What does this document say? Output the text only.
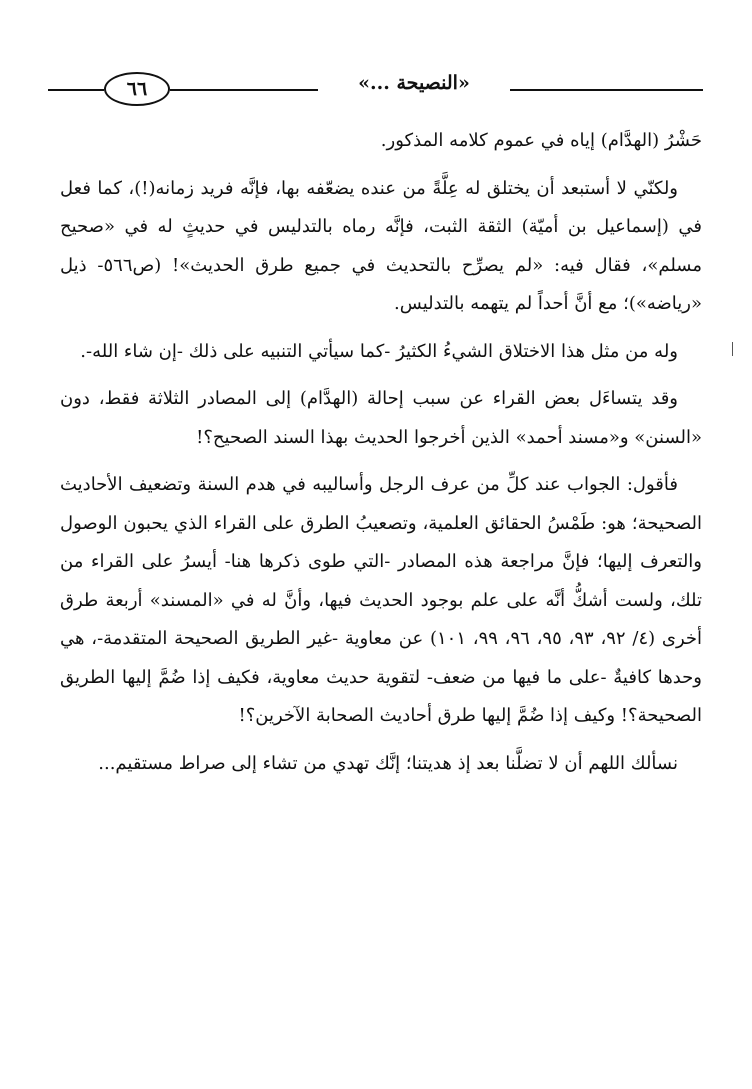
٦٦	«النصيحة ...»

حَشْرُ (الهدَّام) إياه في عموم كلامه المذكور.

ولكنّي لا أستبعد أن يختلق له عِلَّةً من عنده يضعّفه بها، فإنَّه فريد زمانه(!)، كما فعل في (إسماعيل بن أميّة) الثقة الثبت، فإنَّه رماه بالتدليس في حديثٍ له في «صحيح مسلم»، فقال فيه: «لم يصرِّح بالتحديث في جميع طرق الحديث»! (ص٥٦٦- ذيل «رياضه»)؛ مع أنَّ أحداً لم يتهمه بالتدليس.

وله من مثل هذا الاختلاق الشيءُ الكثيرُ -كما سيأتي التنبيه على ذلك -إن شاء الله-.

وقد يتساءَل بعض القراء عن سبب إحالة (الهدَّام) إلى المصادر الثلاثة فقط، دون «السنن» و«مسند أحمد» الذين أخرجوا الحديث بهذا السند الصحيح؟!

فأقول: الجواب عند كلِّ من عرف الرجل وأساليبه في هدم السنة وتضعيف الأحاديث الصحيحة؛ هو: طَمْسُ الحقائق العلمية، وتصعيبُ الطرق على القراء الذي يحبون الوصول والتعرف إليها؛ فإنَّ مراجعة هذه المصادر -التي طوى ذكرها هنا- أيسرُ على القراء من تلك، ولست أشكُّ أنَّه على علم بوجود الحديث فيها، وأنَّ له في «المسند» أربعة طرق أخرى (٤/ ٩٢، ٩٣، ٩٥، ٩٦، ٩٩، ١٠١) عن معاوية -غير الطريق الصحيحة المتقدمة-، هي وحدها كافيةٌ -على ما فيها من ضعف- لتقوية حديث معاوية، فكيف إذا ضُمَّ إليها الطريق الصحيحة؟! وكيف إذا ضُمَّ إليها طرق أحاديث الصحابة الآخرين؟!

نسألك اللهم أن لا تضلَّنا بعد إذ هديتنا؛ إنَّك تهدي من تشاء إلى صراط مستقيم...
